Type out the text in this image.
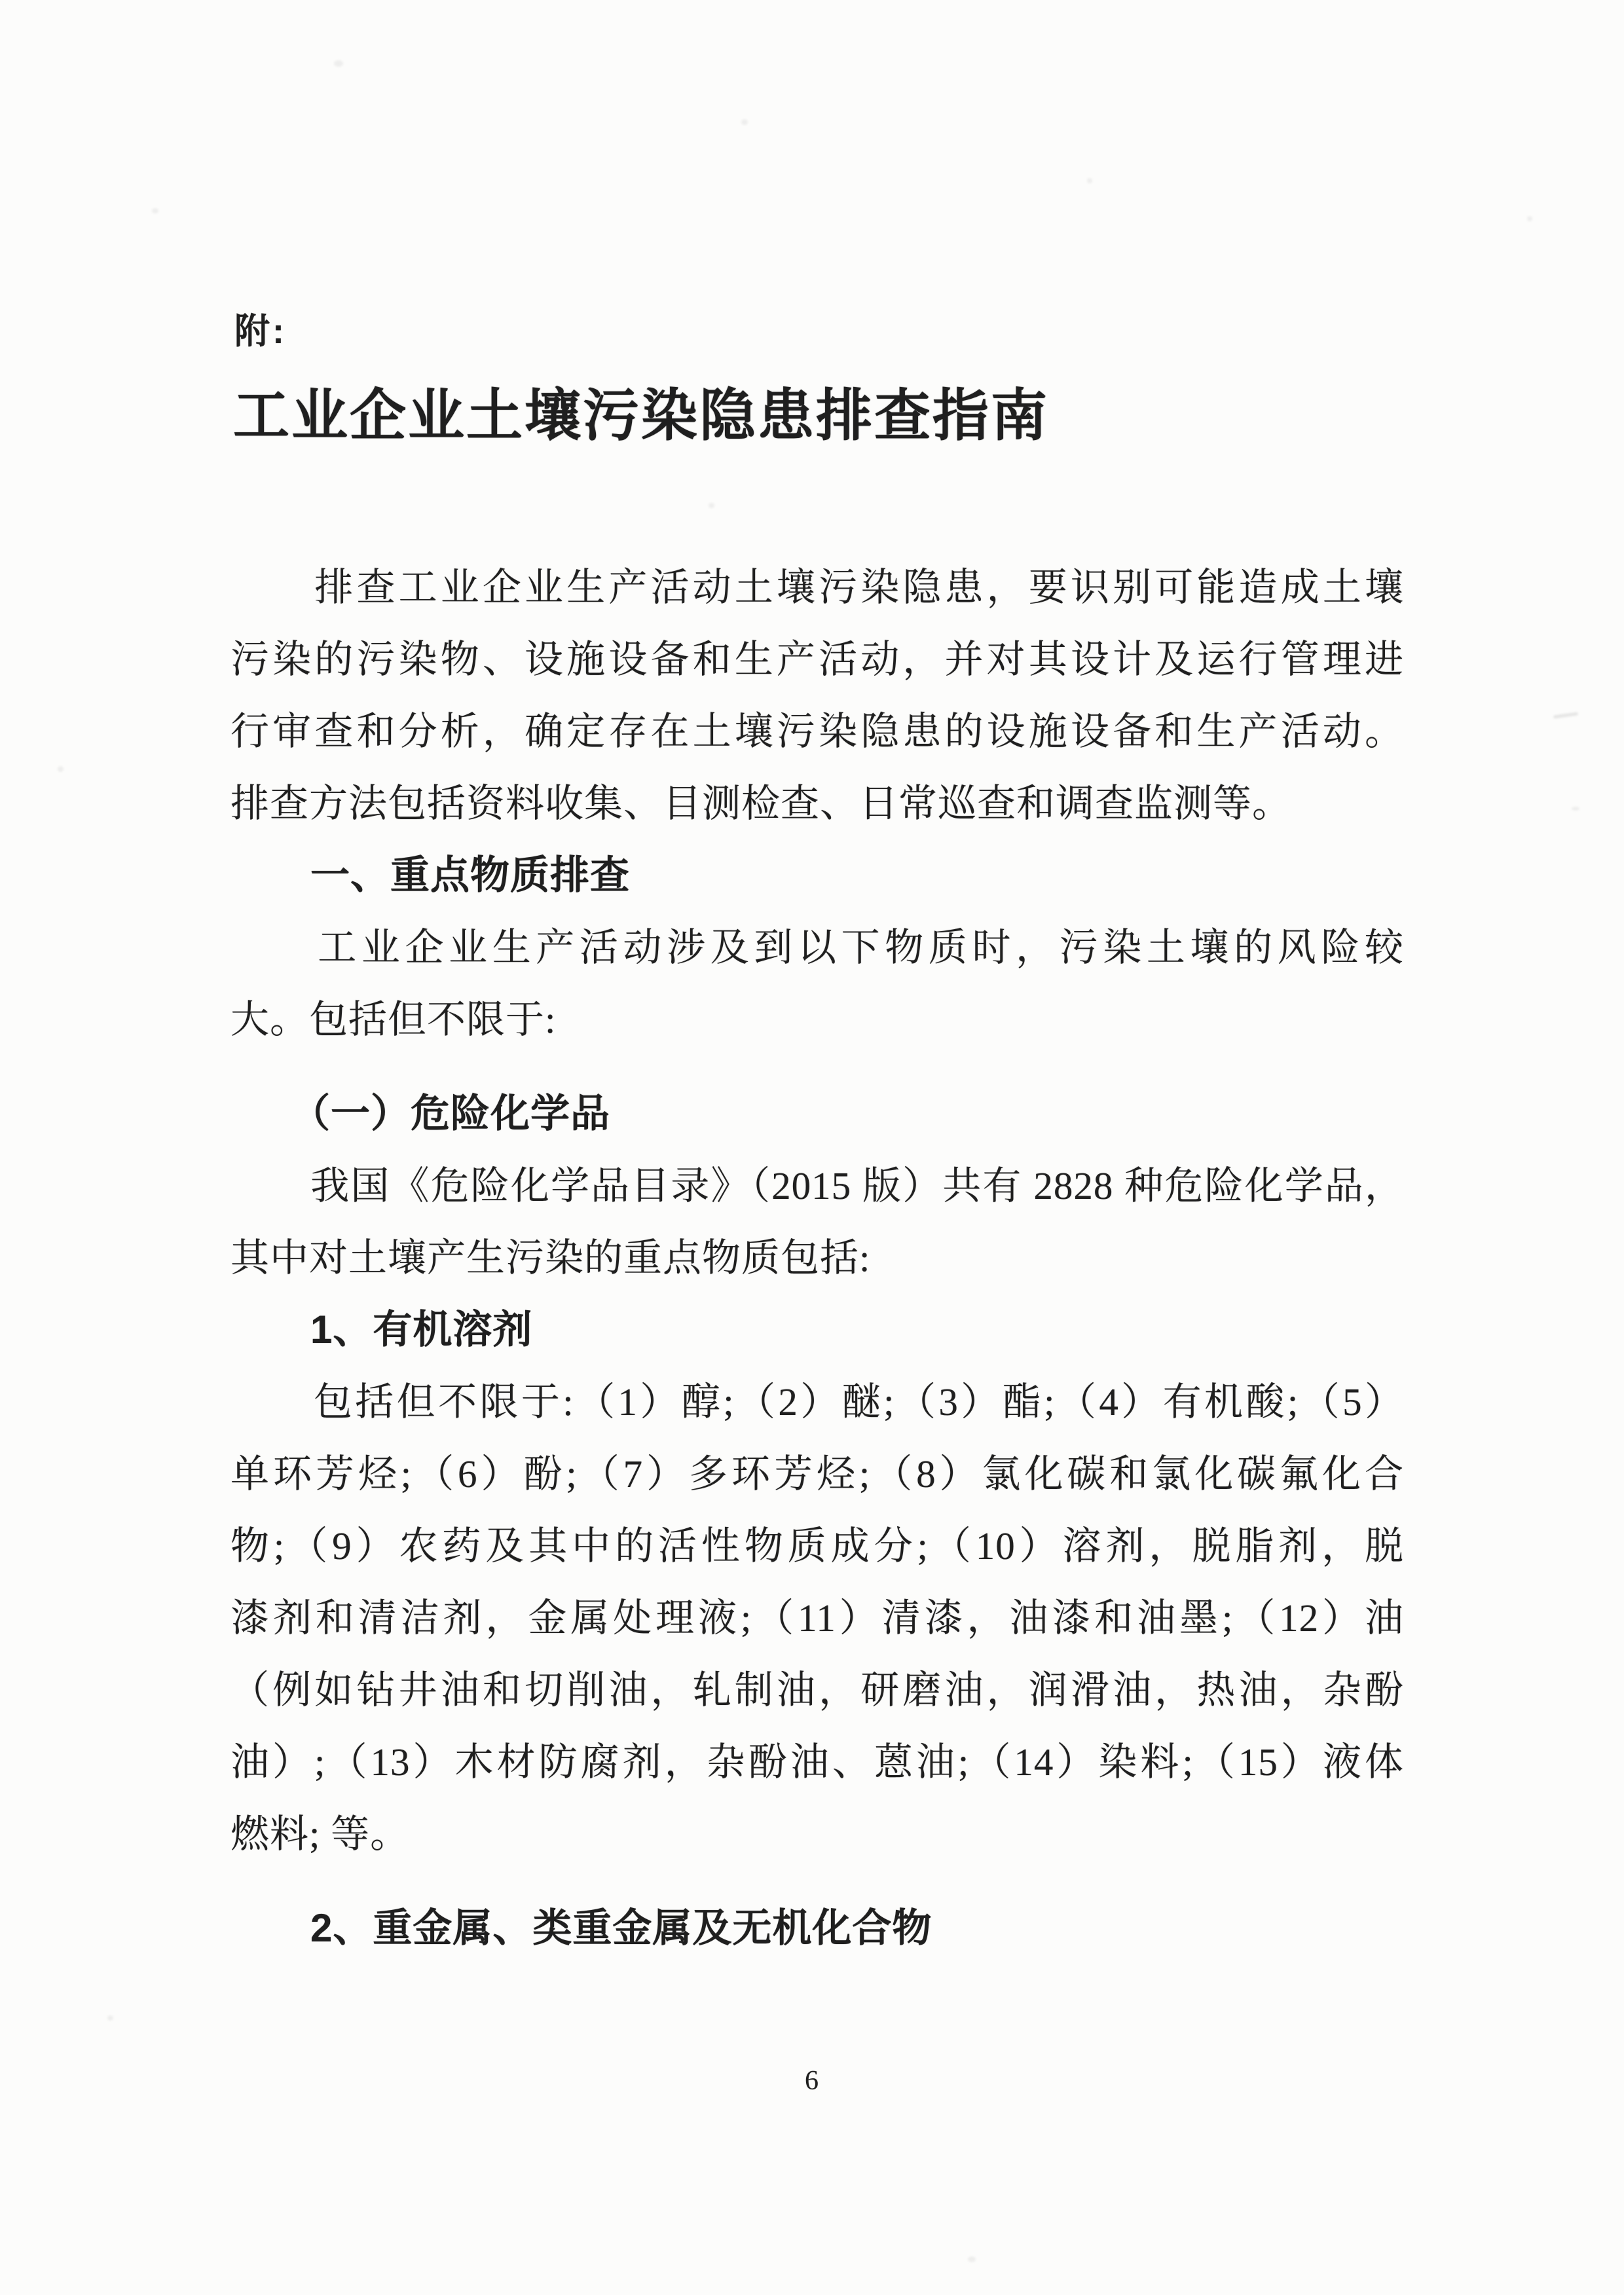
附:
工业企业土壤污染隐患排查指南
　　排查工业企业生产活动土壤污染隐患，要识别可能造成土壤
污染的污染物、设施设备和生产活动，并对其设计及运行管理进
行审查和分析，确定存在土壤污染隐患的设施设备和生产活动。
排查方法包括资料收集、目测检查、日常巡查和调查监测等。
　　一、重点物质排查
　　工业企业生产活动涉及到以下物质时，污染土壤的风险较
大。包括但不限于:
　　（一）危险化学品
　　我国《危险化学品目录》（2015 版）共有 2828 种危险化学品，
其中对土壤产生污染的重点物质包括:
　　1、有机溶剂
　　包括但不限于:（1）醇;（2）醚;（3）酯;（4）有机酸;（5）
单环芳烃;（6）酚;（7）多环芳烃;（8）氯化碳和氯化碳氟化合
物;（9）农药及其中的活性物质成分;（10）溶剂，脱脂剂，脱
漆剂和清洁剂，金属处理液;（11）清漆，油漆和油墨;（12）油
（例如钻井油和切削油，轧制油，研磨油，润滑油，热油，杂酚
油）;（13）木材防腐剂，杂酚油、蒽油;（14）染料;（15）液体
燃料; 等。
　　2、重金属、类重金属及无机化合物
6
